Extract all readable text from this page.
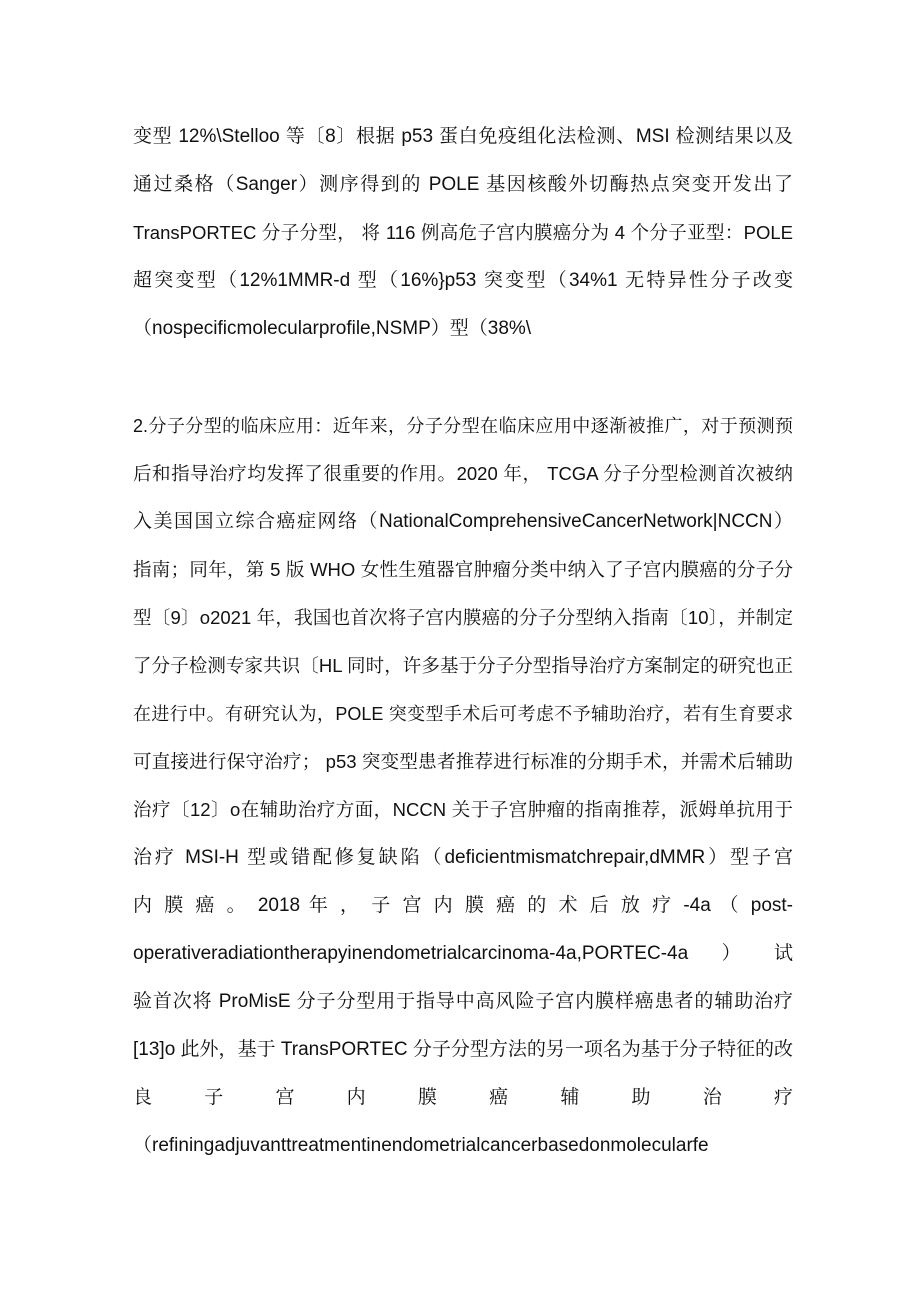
变型 12%\Stelloo 等〔8〕根据 p53 蛋白免疫组化法检测、MSI 检测结果以及
通过桑格（Sanger）测序得到的 POLE 基因核酸外切酶热点突变开发出了
TransPORTEC 分子分型， 将 116 例高危子宫内膜癌分为 4 个分子亚型：POLE
超突变型（12%1MMR-d 型（16%}p53 突变型（34%1 无特异性分子改变
（nospecificmolecularprofile,NSMP）型（38%\
2.分子分型的临床应用：近年来，分子分型在临床应用中逐渐被推广，对于预测预
后和指导治疗均发挥了很重要的作用。2020 年， TCGA 分子分型检测首次被纳
入美国国立综合癌症网络（NationalComprehensiveCancerNetwork|NCCN）
指南；同年，第 5 版 WHO 女性生殖器官肿瘤分类中纳入了子宫内膜癌的分子分
型〔9〕o2021 年，我国也首次将子宫内膜癌的分子分型纳入指南〔10〕，并制定
了分子检测专家共识〔HL 同时，许多基于分子分型指导治疗方案制定的研究也正
在进行中。有研究认为，POLE 突变型手术后可考虑不予辅助治疗，若有生育要求
可直接进行保守治疗； p53 突变型患者推荐进行标准的分期手术，并需术后辅助
治疗〔12〕o在辅助治疗方面，NCCN 关于子宫肿瘤的指南推荐，派姆单抗用于
治疗 MSI-H 型或错配修复缺陷（deficientmismatchrepair,dMMR）型子宫
内 膜 癌 。 2018 年 ， 子 宫 内 膜 癌 的 术 后 放 疗 -4a （ post-
operativeradiationtherapyinendometrialcarcinoma-4a,PORTEC-4a）试
验首次将 ProMisE 分子分型用于指导中高风险子宫内膜样癌患者的辅助治疗
[13]o 此外，基于 TransPORTEC 分子分型方法的另一项名为基于分子特征的改
良 子 宫 内 膜 癌 辅 助 治 疗
（refiningadjuvanttreatmentinendometrialcancerbasedonmolecularfe
